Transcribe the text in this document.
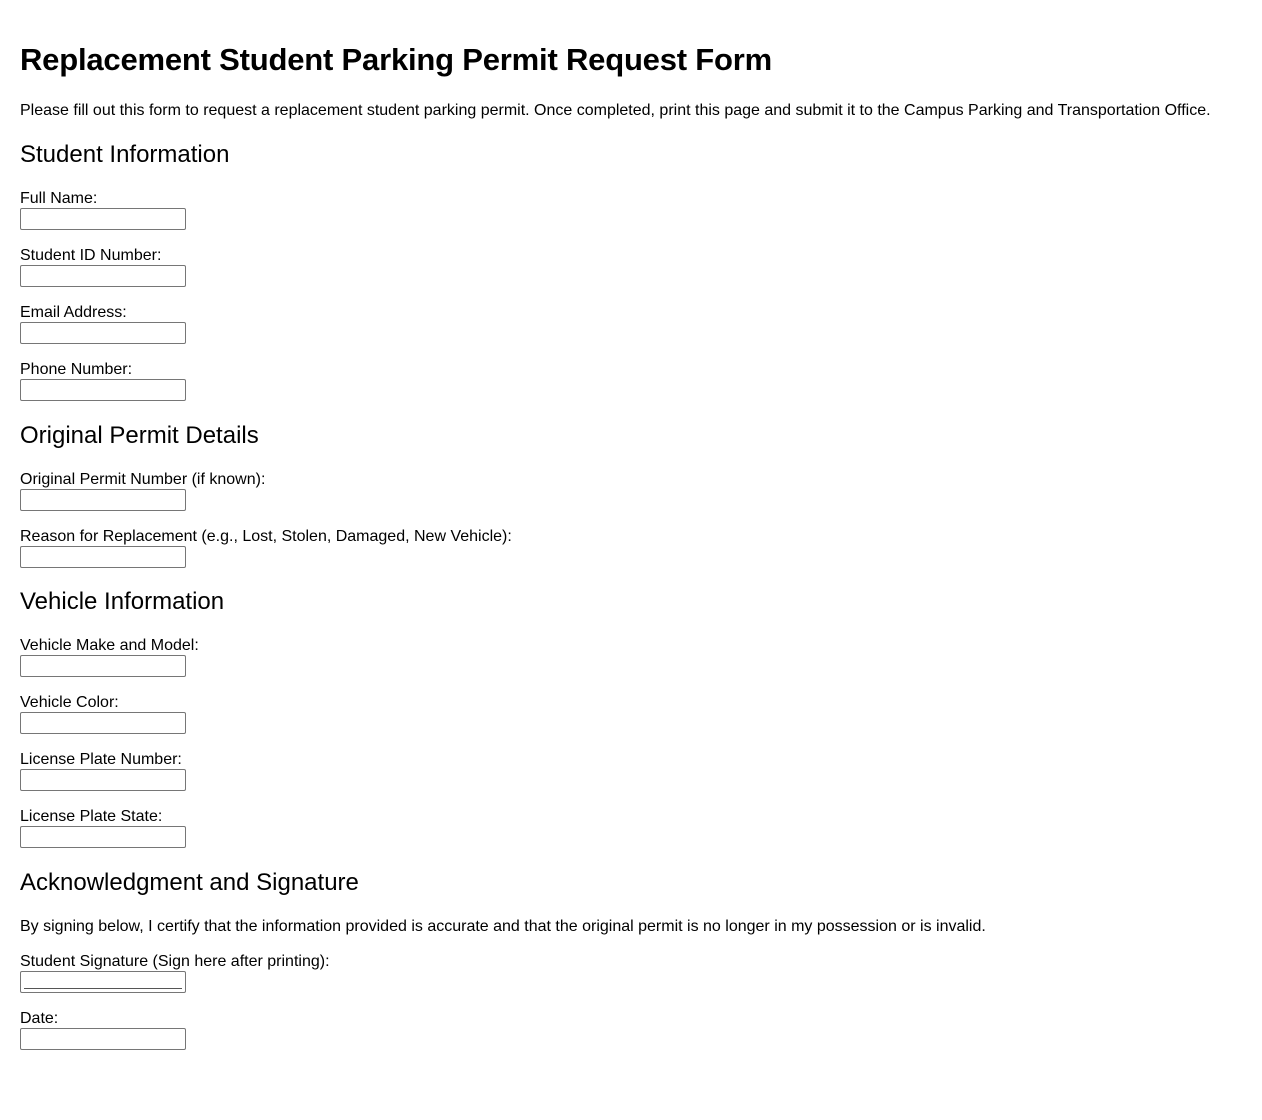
Replacement Student Parking Permit Request Form

Please fill out this form to request a replacement student parking permit. Once completed, print this page and submit it to the Campus Parking and Transportation Office.

Student Information
Full Name:
Student ID Number:
Email Address:
Phone Number:
Original Permit Details
Original Permit Number (if known):
Reason for Replacement (e.g., Lost, Stolen, Damaged, New Vehicle):
Vehicle Information
Vehicle Make and Model:
Vehicle Color:
License Plate Number:
License Plate State:
Acknowledgment and Signature

By signing below, I certify that the information provided is accurate and that the original permit is no longer in my possession or is invalid.

Student Signature (Sign here after printing):
Date:
